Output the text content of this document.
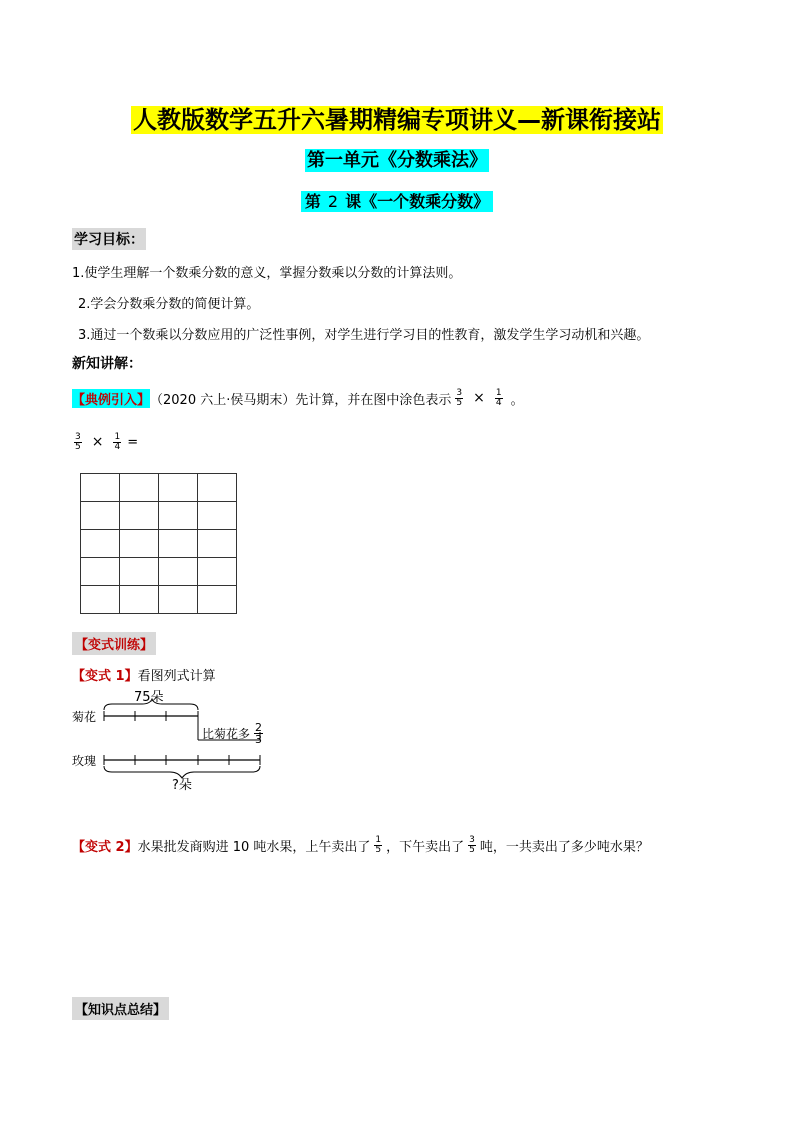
人教版数学五升六暑期精编专项讲义—新课衔接站
第一单元《分数乘法》
第 2 课《一个数乘分数》
学习目标：
1.使学生理解一个数乘分数的意义，掌握分数乘以分数的计算法则。
2.学会分数乘分数的简便计算。
3.通过一个数乘以分数应用的广泛性事例，对学生进行学习目的性教育，激发学生学习动机和兴趣。
新知讲解：
【典例引入】 （2020 六上·侯马期末）先计算，并在图中涂色表示 $\frac{3}{5} \times \frac{1}{4}$ 。
$\frac{3}{5} \times \frac{1}{4}$ =

【变式训练】
【变式 1】看图列式计算
75朵
菊花
玫瑰
比菊花多 $\frac{2}{3}$
?朵
【变式 2】 水果批发商购进 10 吨水果，上午卖出了 $\frac{1}{5}$ ，下午卖出了 $\frac{3}{5}$ 吨，一共卖出了多少吨水果？
【知识点总结】
